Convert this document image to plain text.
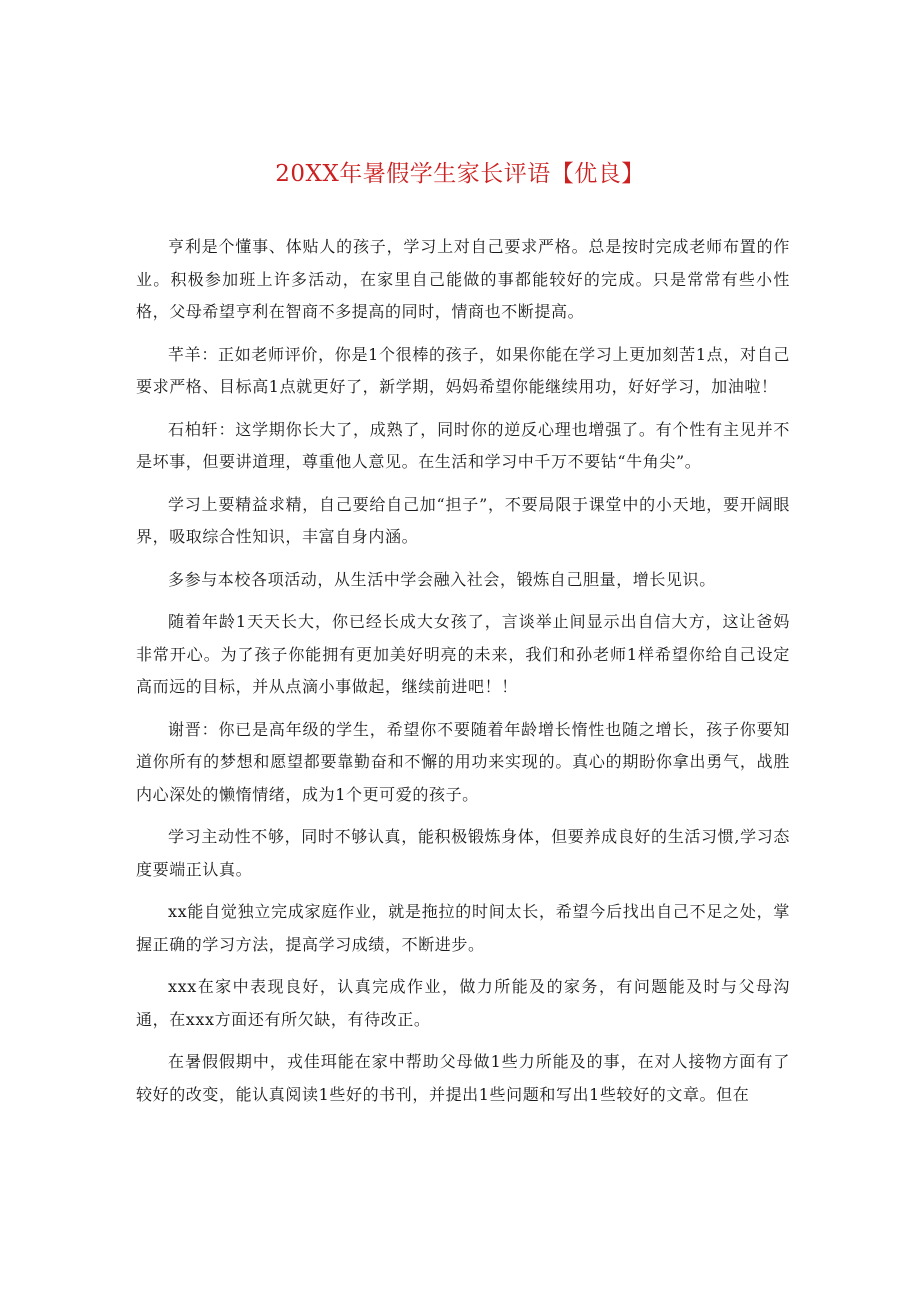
20XX年暑假学生家长评语【优良】

亨利是个懂事、体贴人的孩子，学习上对自己要求严格。总是按时完成老师布置的作业。积极参加班上许多活动，在家里自己能做的事都能较好的完成。只是常常有些小性格，父母希望亨利在智商不多提高的同时，情商也不断提高。

芊羊：正如老师评价，你是1个很棒的孩子，如果你能在学习上更加刻苦1点，对自己要求严格、目标高1点就更好了，新学期，妈妈希望你能继续用功，好好学习，加油啦！

石柏轩：这学期你长大了，成熟了，同时你的逆反心理也增强了。有个性有主见并不是坏事，但要讲道理，尊重他人意见。在生活和学习中千万不要钻“牛角尖”。

学习上要精益求精，自己要给自己加“担子”，不要局限于课堂中的小天地，要开阔眼界，吸取综合性知识，丰富自身内涵。

多参与本校各项活动，从生活中学会融入社会，锻炼自己胆量，增长见识。

随着年龄1天天长大，你已经长成大女孩了，言谈举止间显示出自信大方，这让爸妈非常开心。为了孩子你能拥有更加美好明亮的未来，我们和孙老师1样希望你给自己设定高而远的目标，并从点滴小事做起，继续前进吧！！

谢晋：你已是高年级的学生，希望你不要随着年龄增长惰性也随之增长，孩子你要知道你所有的梦想和愿望都要靠勤奋和不懈的用功来实现的。真心的期盼你拿出勇气，战胜内心深处的懒惰情绪，成为1个更可爱的孩子。

学习主动性不够，同时不够认真，能积极锻炼身体，但要养成良好的生活习惯,学习态度要端正认真。

xx能自觉独立完成家庭作业，就是拖拉的时间太长，希望今后找出自己不足之处，掌握正确的学习方法，提高学习成绩，不断进步。

xxx在家中表现良好，认真完成作业，做力所能及的家务，有问题能及时与父母沟通，在xxx方面还有所欠缺，有待改正。

在暑假假期中，戎佳珥能在家中帮助父母做1些力所能及的事，在对人接物方面有了较好的改变，能认真阅读1些好的书刊，并提出1些问题和写出1些较好的文章。但在
